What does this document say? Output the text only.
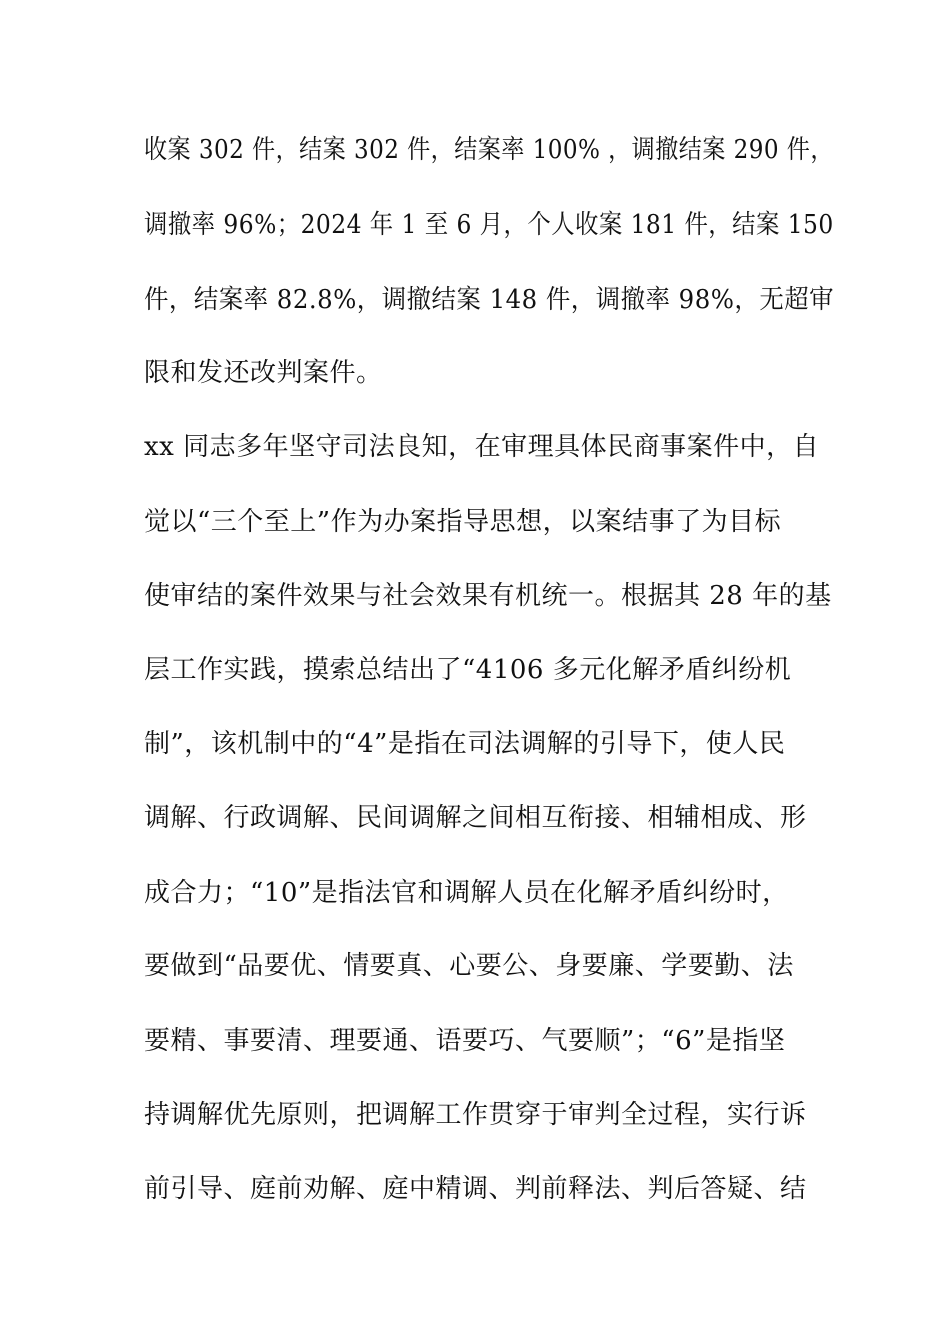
收案 302 件，结案 302 件，结案率 100% ，调撤结案 290 件，
调撤率 96%；2024 年 1 至 6 月，个人收案 181 件，结案 150
件，结案率 82.8%，调撤结案 148 件，调撤率 98%，无超审
限和发还改判案件。
xx 同志多年坚守司法良知，在审理具体民商事案件中，自
觉以“三个至上”作为办案指导思想，以案结事了为目标
使审结的案件效果与社会效果有机统一。根据其 28 年的基
层工作实践，摸索总结出了“4106 多元化解矛盾纠纷机
制”，该机制中的“4”是指在司法调解的引导下，使人民
调解、行政调解、民间调解之间相互衔接、相辅相成、形
成合力；“10”是指法官和调解人员在化解矛盾纠纷时，
要做到“品要优、情要真、心要公、身要廉、学要勤、法
要精、事要清、理要通、语要巧、气要顺”；“6”是指坚
持调解优先原则，把调解工作贯穿于审判全过程，实行诉
前引导、庭前劝解、庭中精调、判前释法、判后答疑、结
